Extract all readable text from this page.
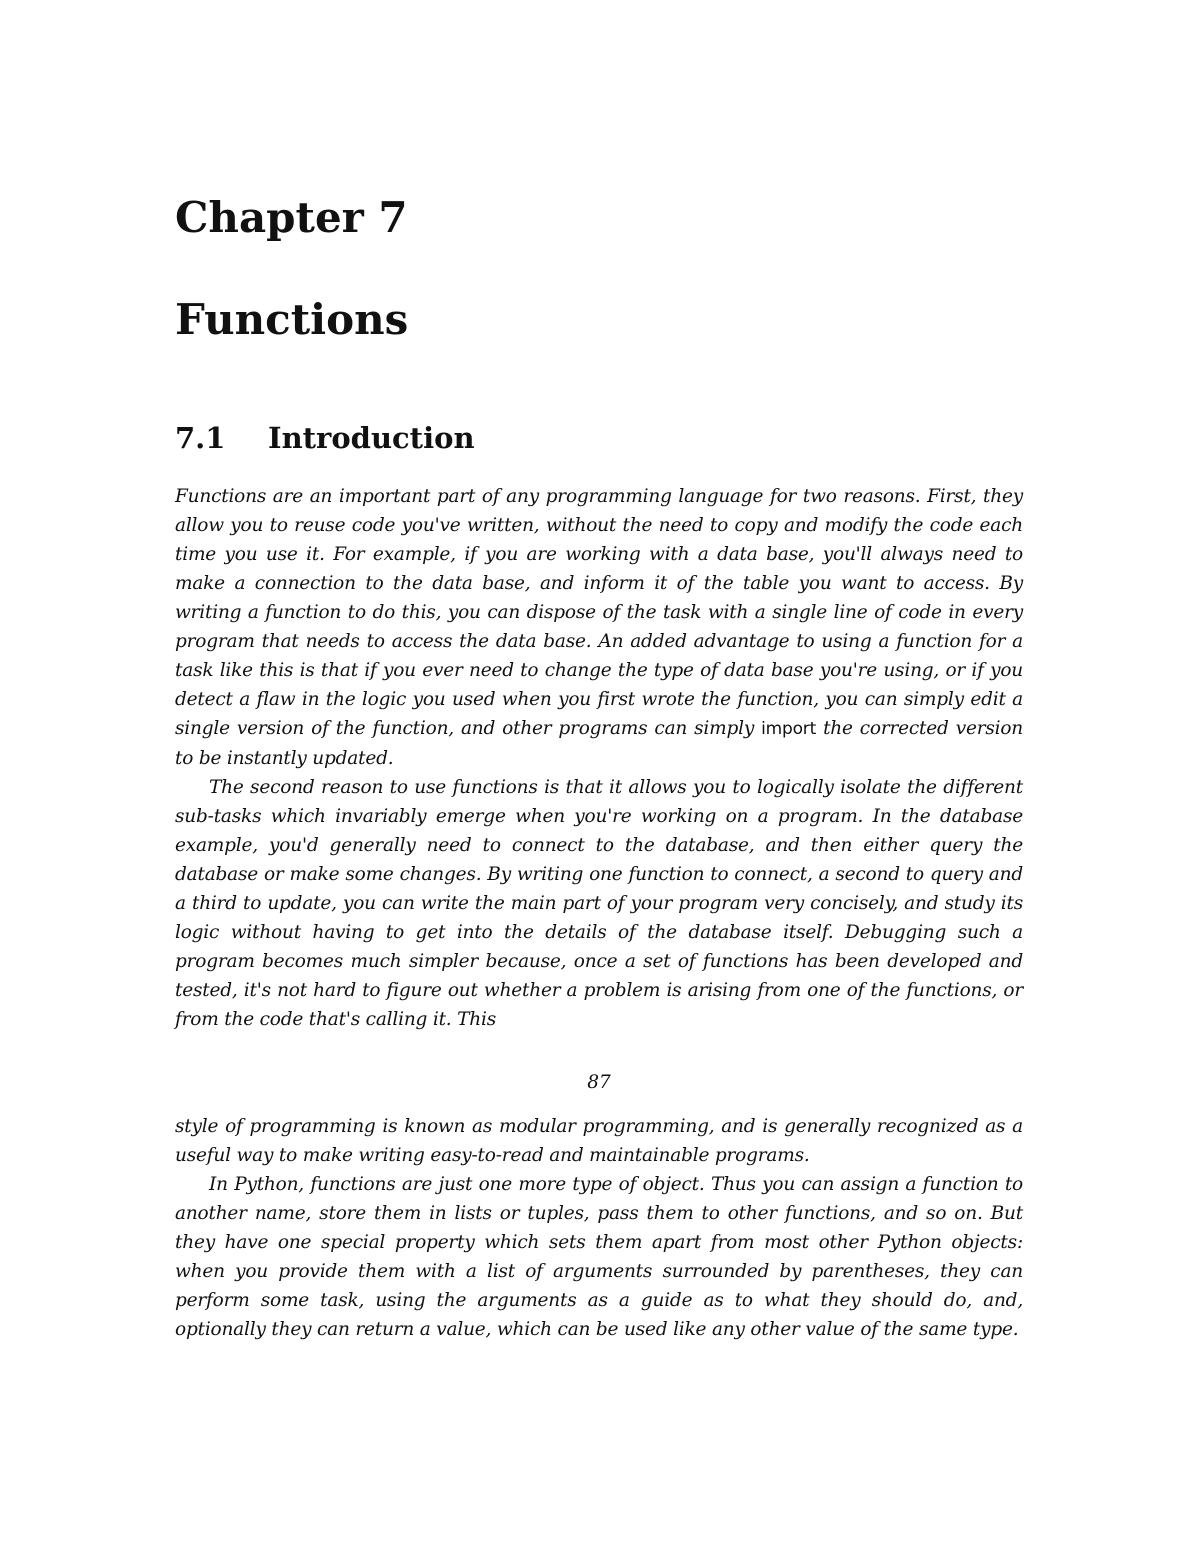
Chapter 7
Functions
7.1 Introduction

Functions are an important part of any programming language for two reasons. First, they allow you to reuse code you've written, without the need to copy and modify the code each time you use it. For example, if you are working with a data base, you'll always need to make a connection to the data base, and inform it of the table you want to access. By writing a function to do this, you can dispose of the task with a single line of code in every program that needs to access the data base. An added advantage to using a function for a task like this is that if you ever need to change the type of data base you're using, or if you detect a flaw in the logic you used when you first wrote the function, you can simply edit a single version of the function, and other programs can simply import the corrected version to be instantly updated.

The second reason to use functions is that it allows you to logically isolate the different sub-tasks which invariably emerge when you're working on a program. In the database example, you'd generally need to connect to the database, and then either query the database or make some changes. By writing one function to connect, a second to query and a third to update, you can write the main part of your program very concisely, and study its logic without having to get into the details of the database itself. Debugging such a program becomes much simpler because, once a set of functions has been developed and tested, it's not hard to figure out whether a problem is arising from one of the functions, or from the code that's calling it. This

87

style of programming is known as modular programming, and is generally recognized as a useful way to make writing easy-to-read and maintainable programs.

In Python, functions are just one more type of object. Thus you can assign a function to another name, store them in lists or tuples, pass them to other functions, and so on. But they have one special property which sets them apart from most other Python objects: when you provide them with a list of arguments surrounded by parentheses, they can perform some task, using the arguments as a guide as to what they should do, and, optionally they can return a value, which can be used like any other value of the same type.
